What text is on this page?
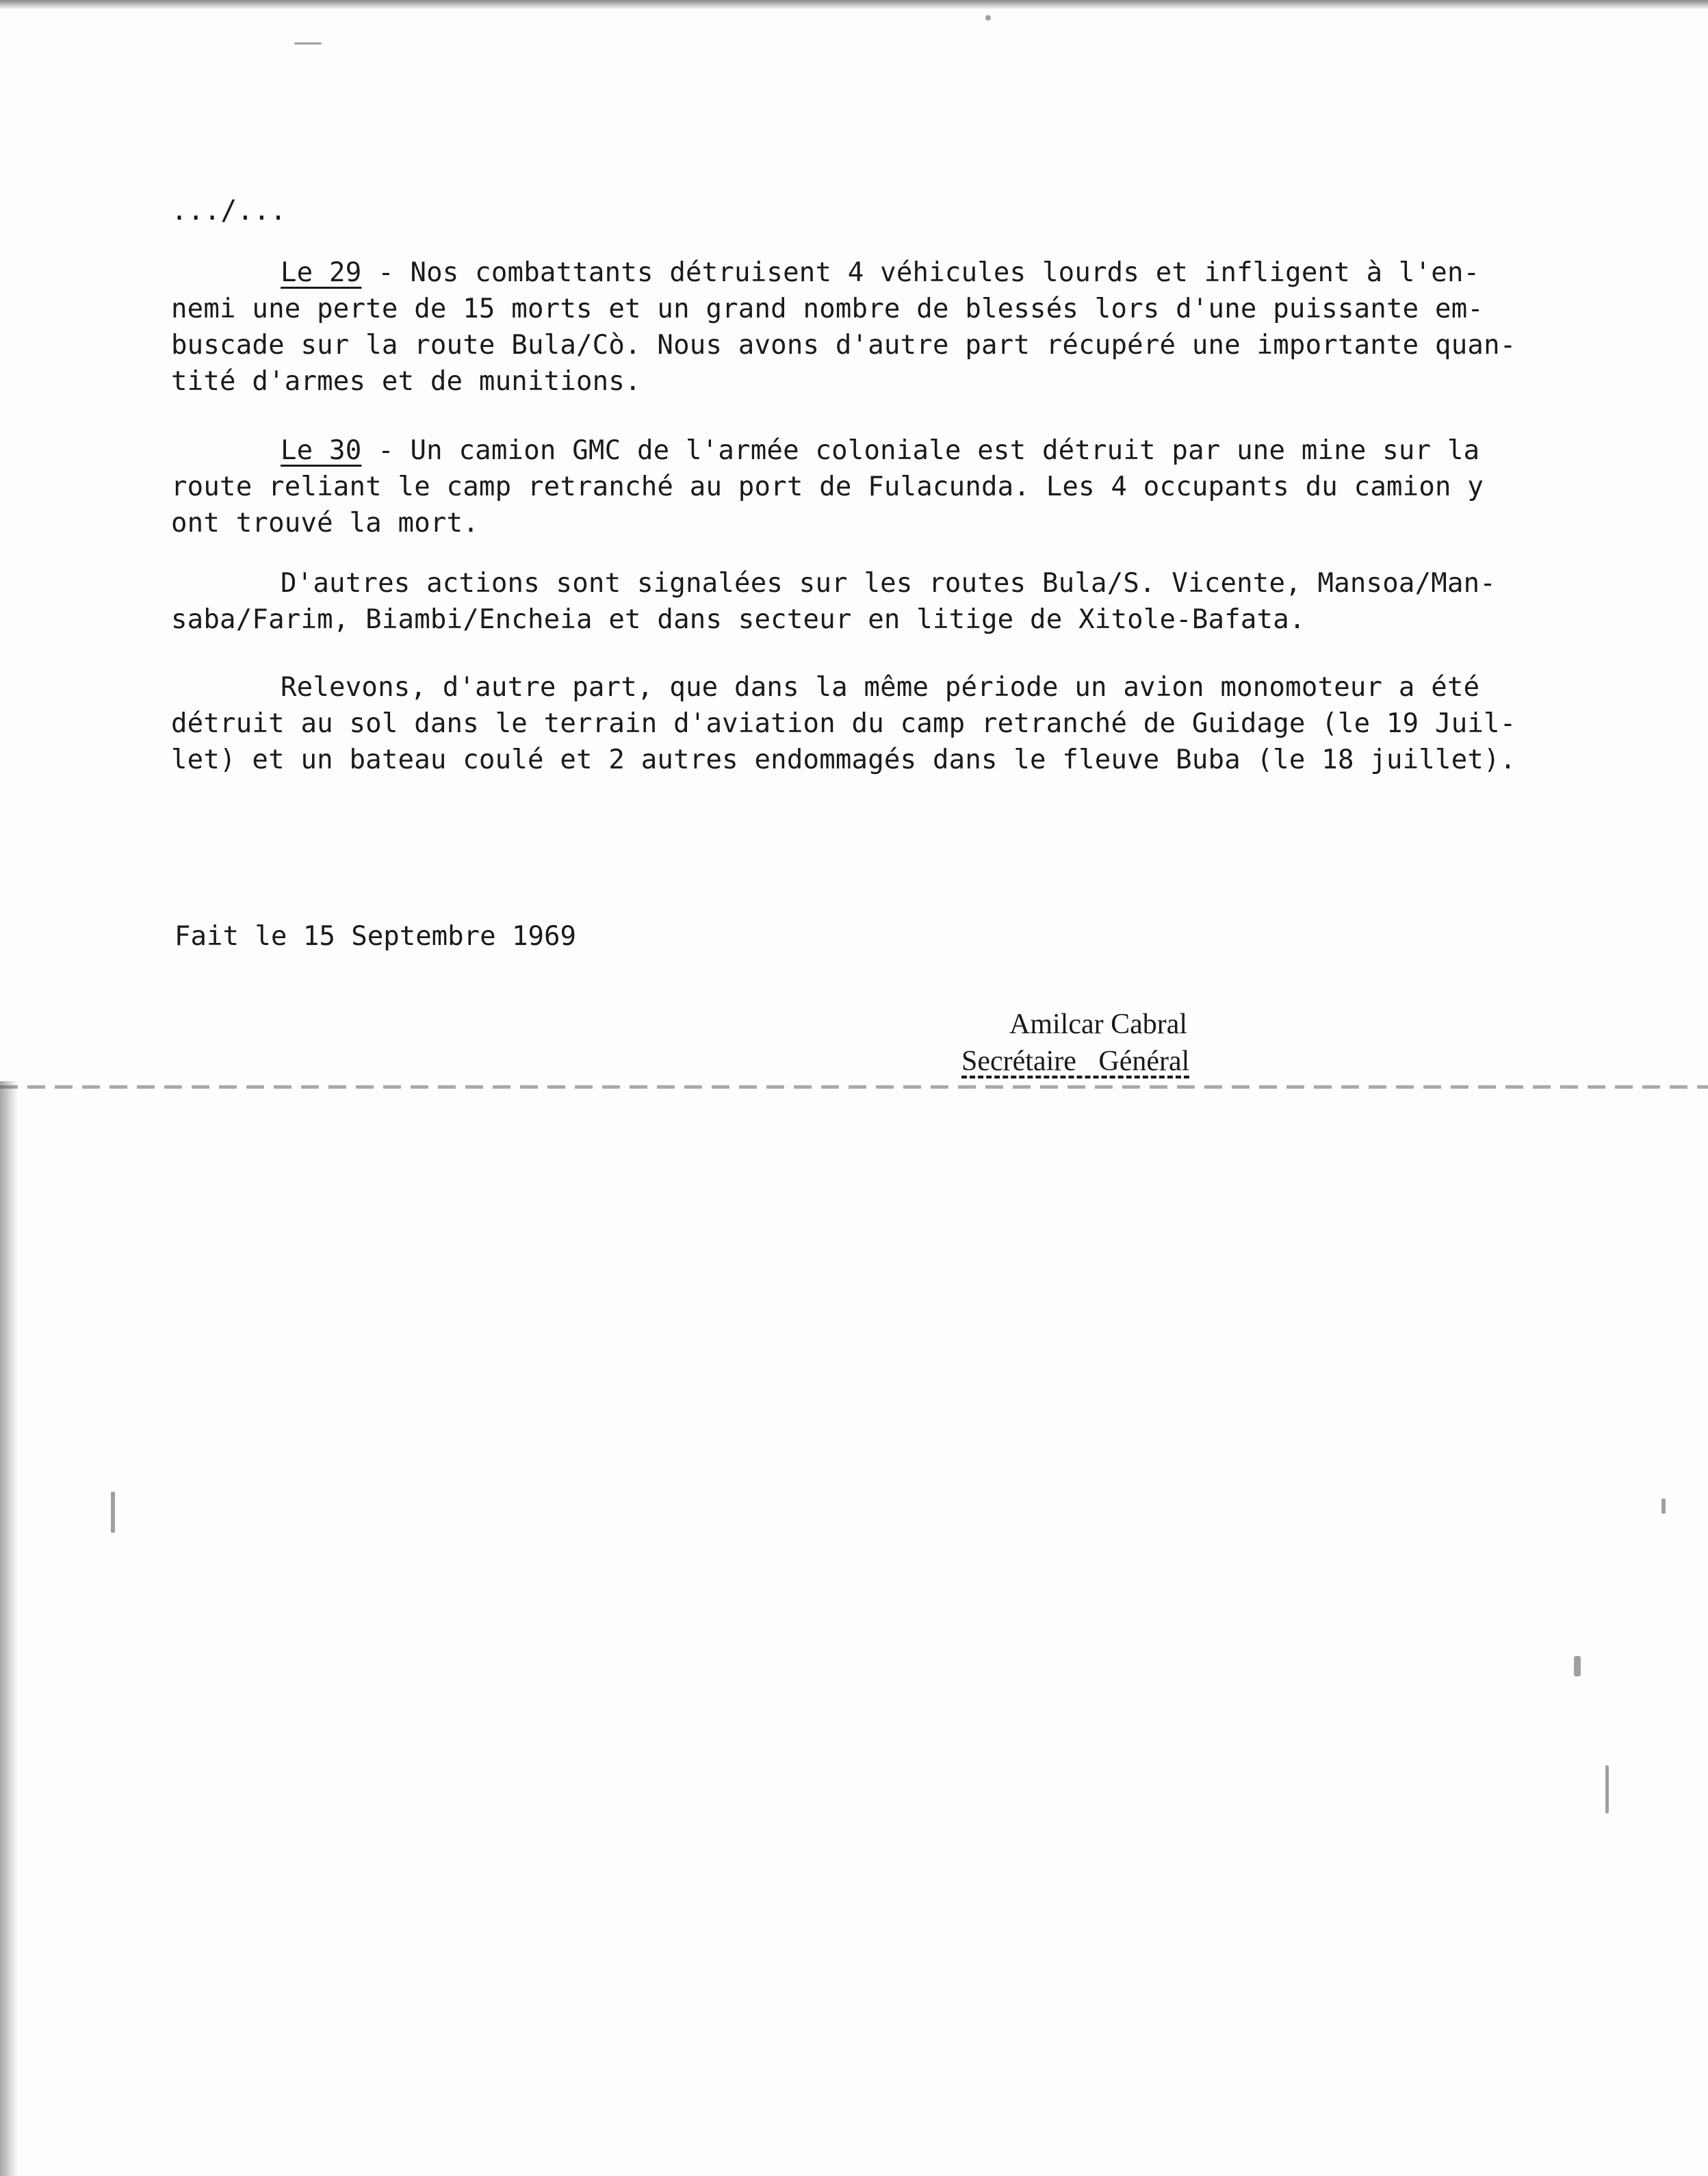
.../...
Le 29 - Nos combattants détruisent 4 véhicules lourds et infligent à l'en-
nemi une perte de 15 morts et un grand nombre de blessés lors d'une puissante em-
buscade sur la route Bula/Cò. Nous avons d'autre part récupéré une importante quan-
tité d'armes et de munitions.
Le 30 - Un camion GMC de l'armée coloniale est détruit par une mine sur la
route reliant le camp retranché au port de Fulacunda. Les 4 occupants du camion y
ont trouvé la mort.
D'autres actions sont signalées sur les routes Bula/S. Vicente, Mansoa/Man-
saba/Farim, Biambi/Encheia et dans secteur en litige de Xitole-Bafata.
Relevons, d'autre part, que dans la même période un avion monomoteur a été
détruit au sol dans le terrain d'aviation du camp retranché de Guidage (le 19 Juil-
let) et un bateau coulé et 2 autres endommagés dans le fleuve Buba (le 18 juillet).
Fait le 15 Septembre 1969
Amilcar Cabral
Secrétaire Général
